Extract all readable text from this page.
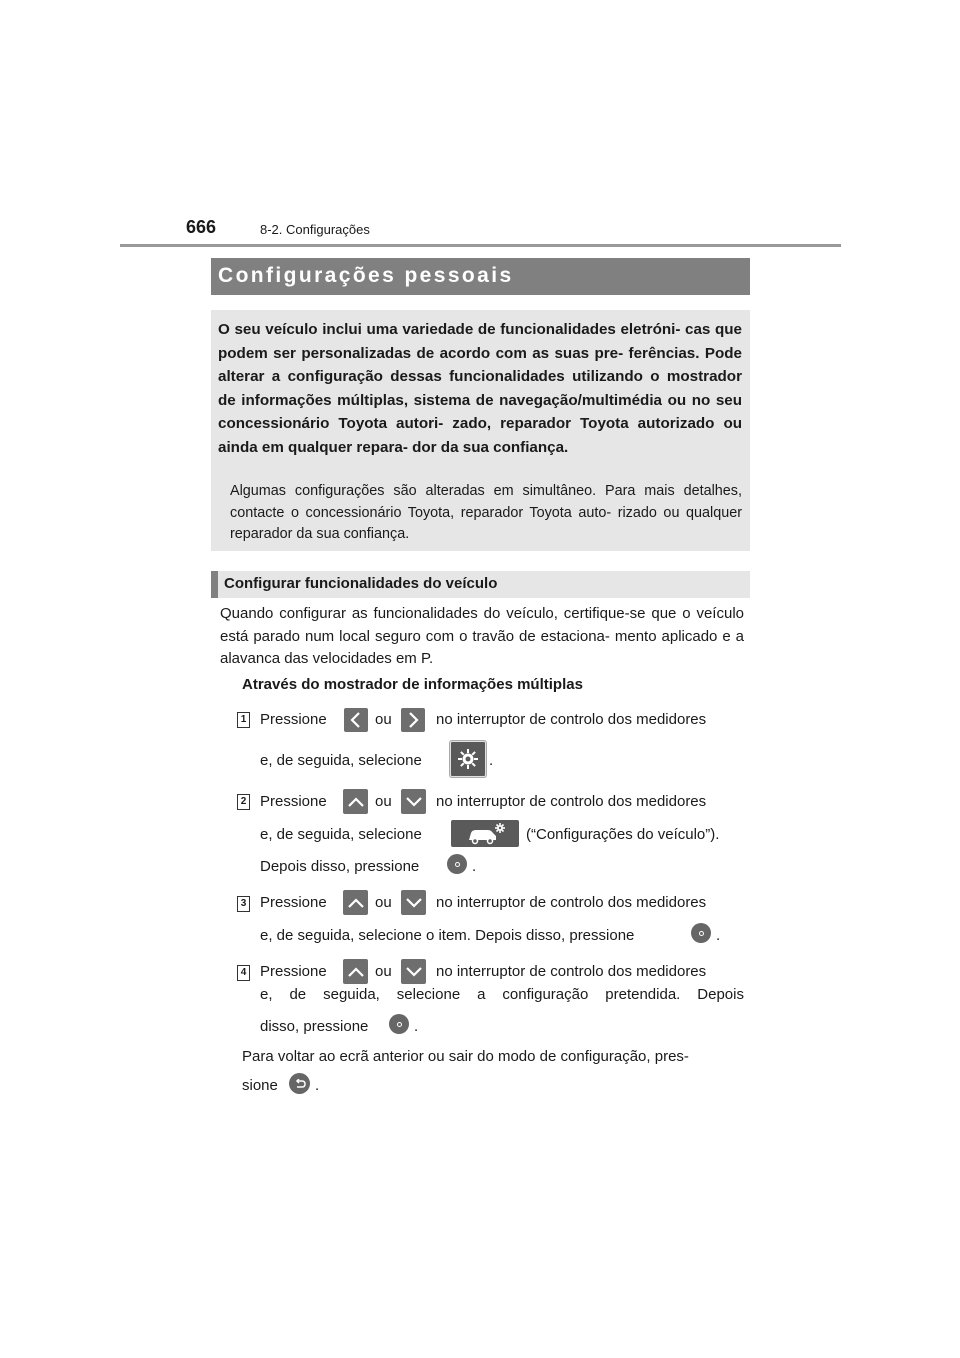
666	8-2. Configurações
Configurações pessoais
O seu veículo inclui uma variedade de funcionalidades eletróni- cas que podem ser personalizadas de acordo com as suas pre- ferências. Pode alterar a configuração dessas funcionalidades utilizando o mostrador de informações múltiplas, sistema de navegação/multimédia ou no seu concessionário Toyota autori- zado, reparador Toyota autorizado ou ainda em qualquer repara- dor da sua confiança.
Algumas configurações são alteradas em simultâneo. Para mais detalhes, contacte o concessionário Toyota, reparador Toyota auto- rizado ou qualquer reparador da sua confiança.
Configurar funcionalidades do veículo
Quando configurar as funcionalidades do veículo, certifique-se que o veículo está parado num local seguro com o travão de estaciona- mento aplicado e a alavanca das velocidades em P.
Através do mostrador de informações múltiplas
1 Pressione	ou	no interruptor de controlo dos medidores
e, de seguida, selecione	.
2 Pressione	ou	no interruptor de controlo dos medidores
e, de seguida, selecione	(“Configurações do veículo”).
Depois disso, pressione	.
3 Pressione	ou	no interruptor de controlo dos medidores
e, de seguida, selecione o item. Depois disso, pressione	.
4 Pressione	ou	no interruptor de controlo dos medidores
e, de seguida, selecione a configuração pretendida. Depois
disso, pressione	.
Para voltar ao ecrã anterior ou sair do modo de configuração, pres-
sione .
